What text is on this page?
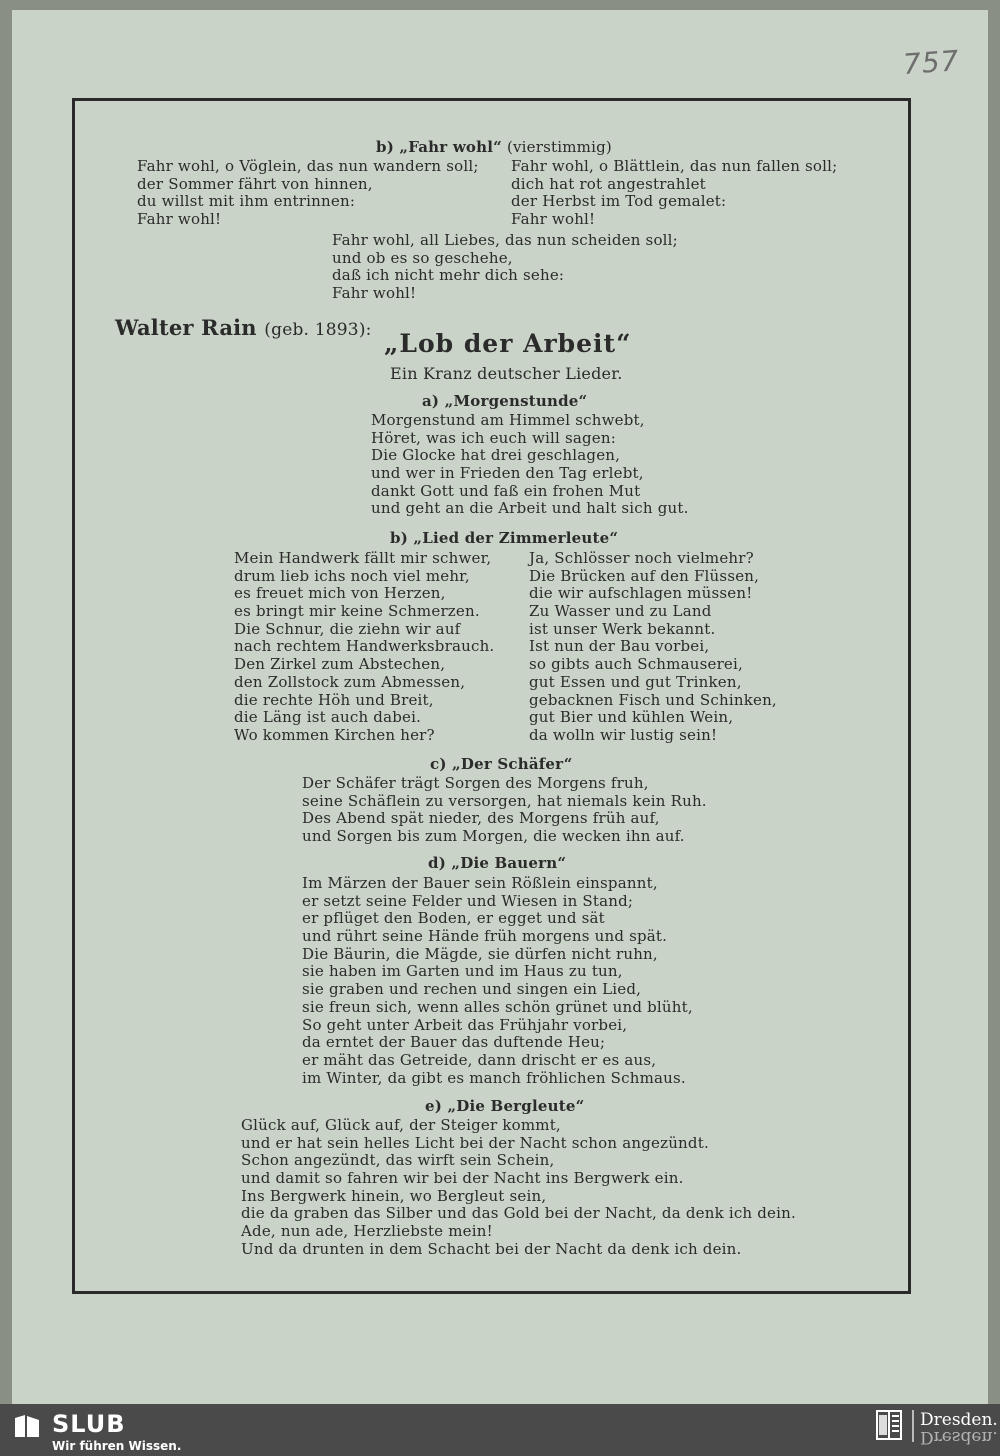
757
b) „Fahr wohl“ (vierstimmig)
Fahr wohl, o Vöglein, das nun wandern soll;
der Sommer fährt von hinnen,
du willst mit ihm entrinnen:
Fahr wohl!
Fahr wohl, o Blättlein, das nun fallen soll;
dich hat rot angestrahlet
der Herbst im Tod gemalet:
Fahr wohl!
Fahr wohl, all Liebes, das nun scheiden soll;
und ob es so geschehe,
daß ich nicht mehr dich sehe:
Fahr wohl!
Walter Rain (geb. 1893): „Lob der Arbeit“
Ein Kranz deutscher Lieder.
a) „Morgenstunde“
Morgenstund am Himmel schwebt,
Höret, was ich euch will sagen:
Die Glocke hat drei geschlagen,
und wer in Frieden den Tag erlebt,
dankt Gott und faß ein frohen Mut
und geht an die Arbeit und halt sich gut.
b) „Lied der Zimmerleute“
Mein Handwerk fällt mir schwer,
drum lieb ichs noch viel mehr,
es freuet mich von Herzen,
es bringt mir keine Schmerzen.
Die Schnur, die ziehn wir auf
nach rechtem Handwerksbrauch.
Den Zirkel zum Abstechen,
den Zollstock zum Abmessen,
die rechte Höh und Breit,
die Läng ist auch dabei.
Wo kommen Kirchen her?
Ja, Schlösser noch vielmehr?
Die Brücken auf den Flüssen,
die wir aufschlagen müssen!
Zu Wasser und zu Land
ist unser Werk bekannt.
Ist nun der Bau vorbei,
so gibts auch Schmauserei,
gut Essen und gut Trinken,
gebacknen Fisch und Schinken,
gut Bier und kühlen Wein,
da wolln wir lustig sein!
c) „Der Schäfer“
Der Schäfer trägt Sorgen des Morgens fruh,
seine Schäflein zu versorgen, hat niemals kein Ruh.
Des Abend spät nieder, des Morgens früh auf,
und Sorgen bis zum Morgen, die wecken ihn auf.
d) „Die Bauern“
Im Märzen der Bauer sein Rößlein einspannt,
er setzt seine Felder und Wiesen in Stand;
er pflüget den Boden, er egget und sät
und rührt seine Hände früh morgens und spät.
Die Bäurin, die Mägde, sie dürfen nicht ruhn,
sie haben im Garten und im Haus zu tun,
sie graben und rechen und singen ein Lied,
sie freun sich, wenn alles schön grünet und blüht,
So geht unter Arbeit das Frühjahr vorbei,
da erntet der Bauer das duftende Heu;
er mäht das Getreide, dann drischt er es aus,
im Winter, da gibt es manch fröhlichen Schmaus.
e) „Die Bergleute“
Glück auf, Glück auf, der Steiger kommt,
und er hat sein helles Licht bei der Nacht schon angezündt.
Schon angezündt, das wirft sein Schein,
und damit so fahren wir bei der Nacht ins Bergwerk ein.
Ins Bergwerk hinein, wo Bergleut sein,
die da graben das Silber und das Gold bei der Nacht, da denk ich dein.
Ade, nun ade, Herzliebste mein!
Und da drunten in dem Schacht bei der Nacht da denk ich dein.
SLUB
Wir führen Wissen.
Dresden.
Dresden.
